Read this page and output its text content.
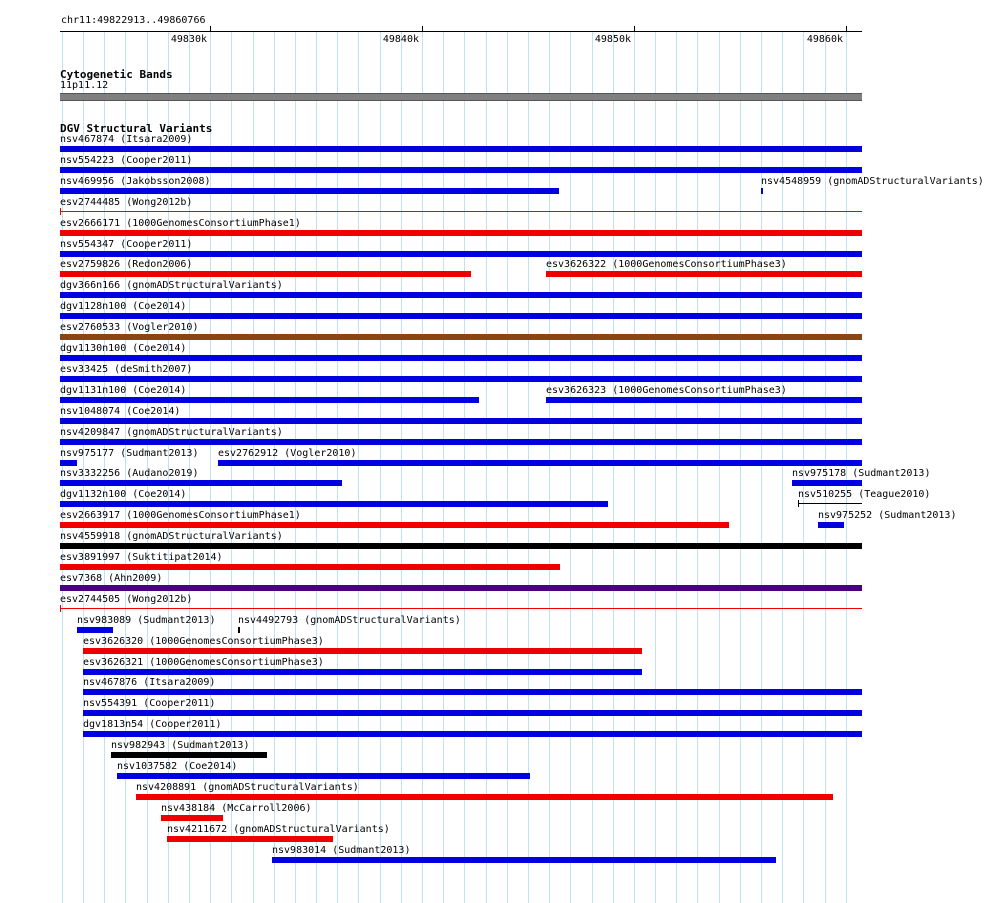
chr11:49822913..49860766
49830k	49840k	49850k	49860k
Cytogenetic Bands
11p11.12
DGV Structural Variants
nsv467874 (Itsara2009)
nsv554223 (Cooper2011)
nsv469956 (Jakobsson2008)	nsv4548959 (gnomADStructuralVariants)
esv2744485 (Wong2012b)
esv2666171 (1000GenomesConsortiumPhase1)
nsv554347 (Cooper2011)
esv2759826 (Redon2006)	esv3626322 (1000GenomesConsortiumPhase3)
dgv366n166 (gnomADStructuralVariants)
dgv1128n100 (Coe2014)
esv2760533 (Vogler2010)
dgv1130n100 (Coe2014)
esv33425 (deSmith2007)
dgv1131n100 (Coe2014)	esv3626323 (1000GenomesConsortiumPhase3)
nsv1048074 (Coe2014)
nsv4209847 (gnomADStructuralVariants)
nsv975177 (Sudmant2013) esv2762912 (Vogler2010)
nsv3332256 (Audano2019)	nsv975178 (Sudmant2013)
dgv1132n100 (Coe2014)	nsv510255 (Teague2010)
esv2663917 (1000GenomesConsortiumPhase1)	nsv975252 (Sudmant2013)
nsv4559918 (gnomADStructuralVariants)
esv3891997 (Suktitipat2014)
esv7368 (Ahn2009)
esv2744505 (Wong2012b)
nsv983089 (Sudmant2013) nsv4492793 (gnomADStructuralVariants)
esv3626320 (1000GenomesConsortiumPhase3)
esv3626321 (1000GenomesConsortiumPhase3)
nsv467876 (Itsara2009)
nsv554391 (Cooper2011)
dgv1813n54 (Cooper2011)
nsv982943 (Sudmant2013)
nsv1037582 (Coe2014)
nsv4208891 (gnomADStructuralVariants)
nsv438184 (McCarroll2006)
nsv4211672 (gnomADStructuralVariants)
nsv983014 (Sudmant2013)
